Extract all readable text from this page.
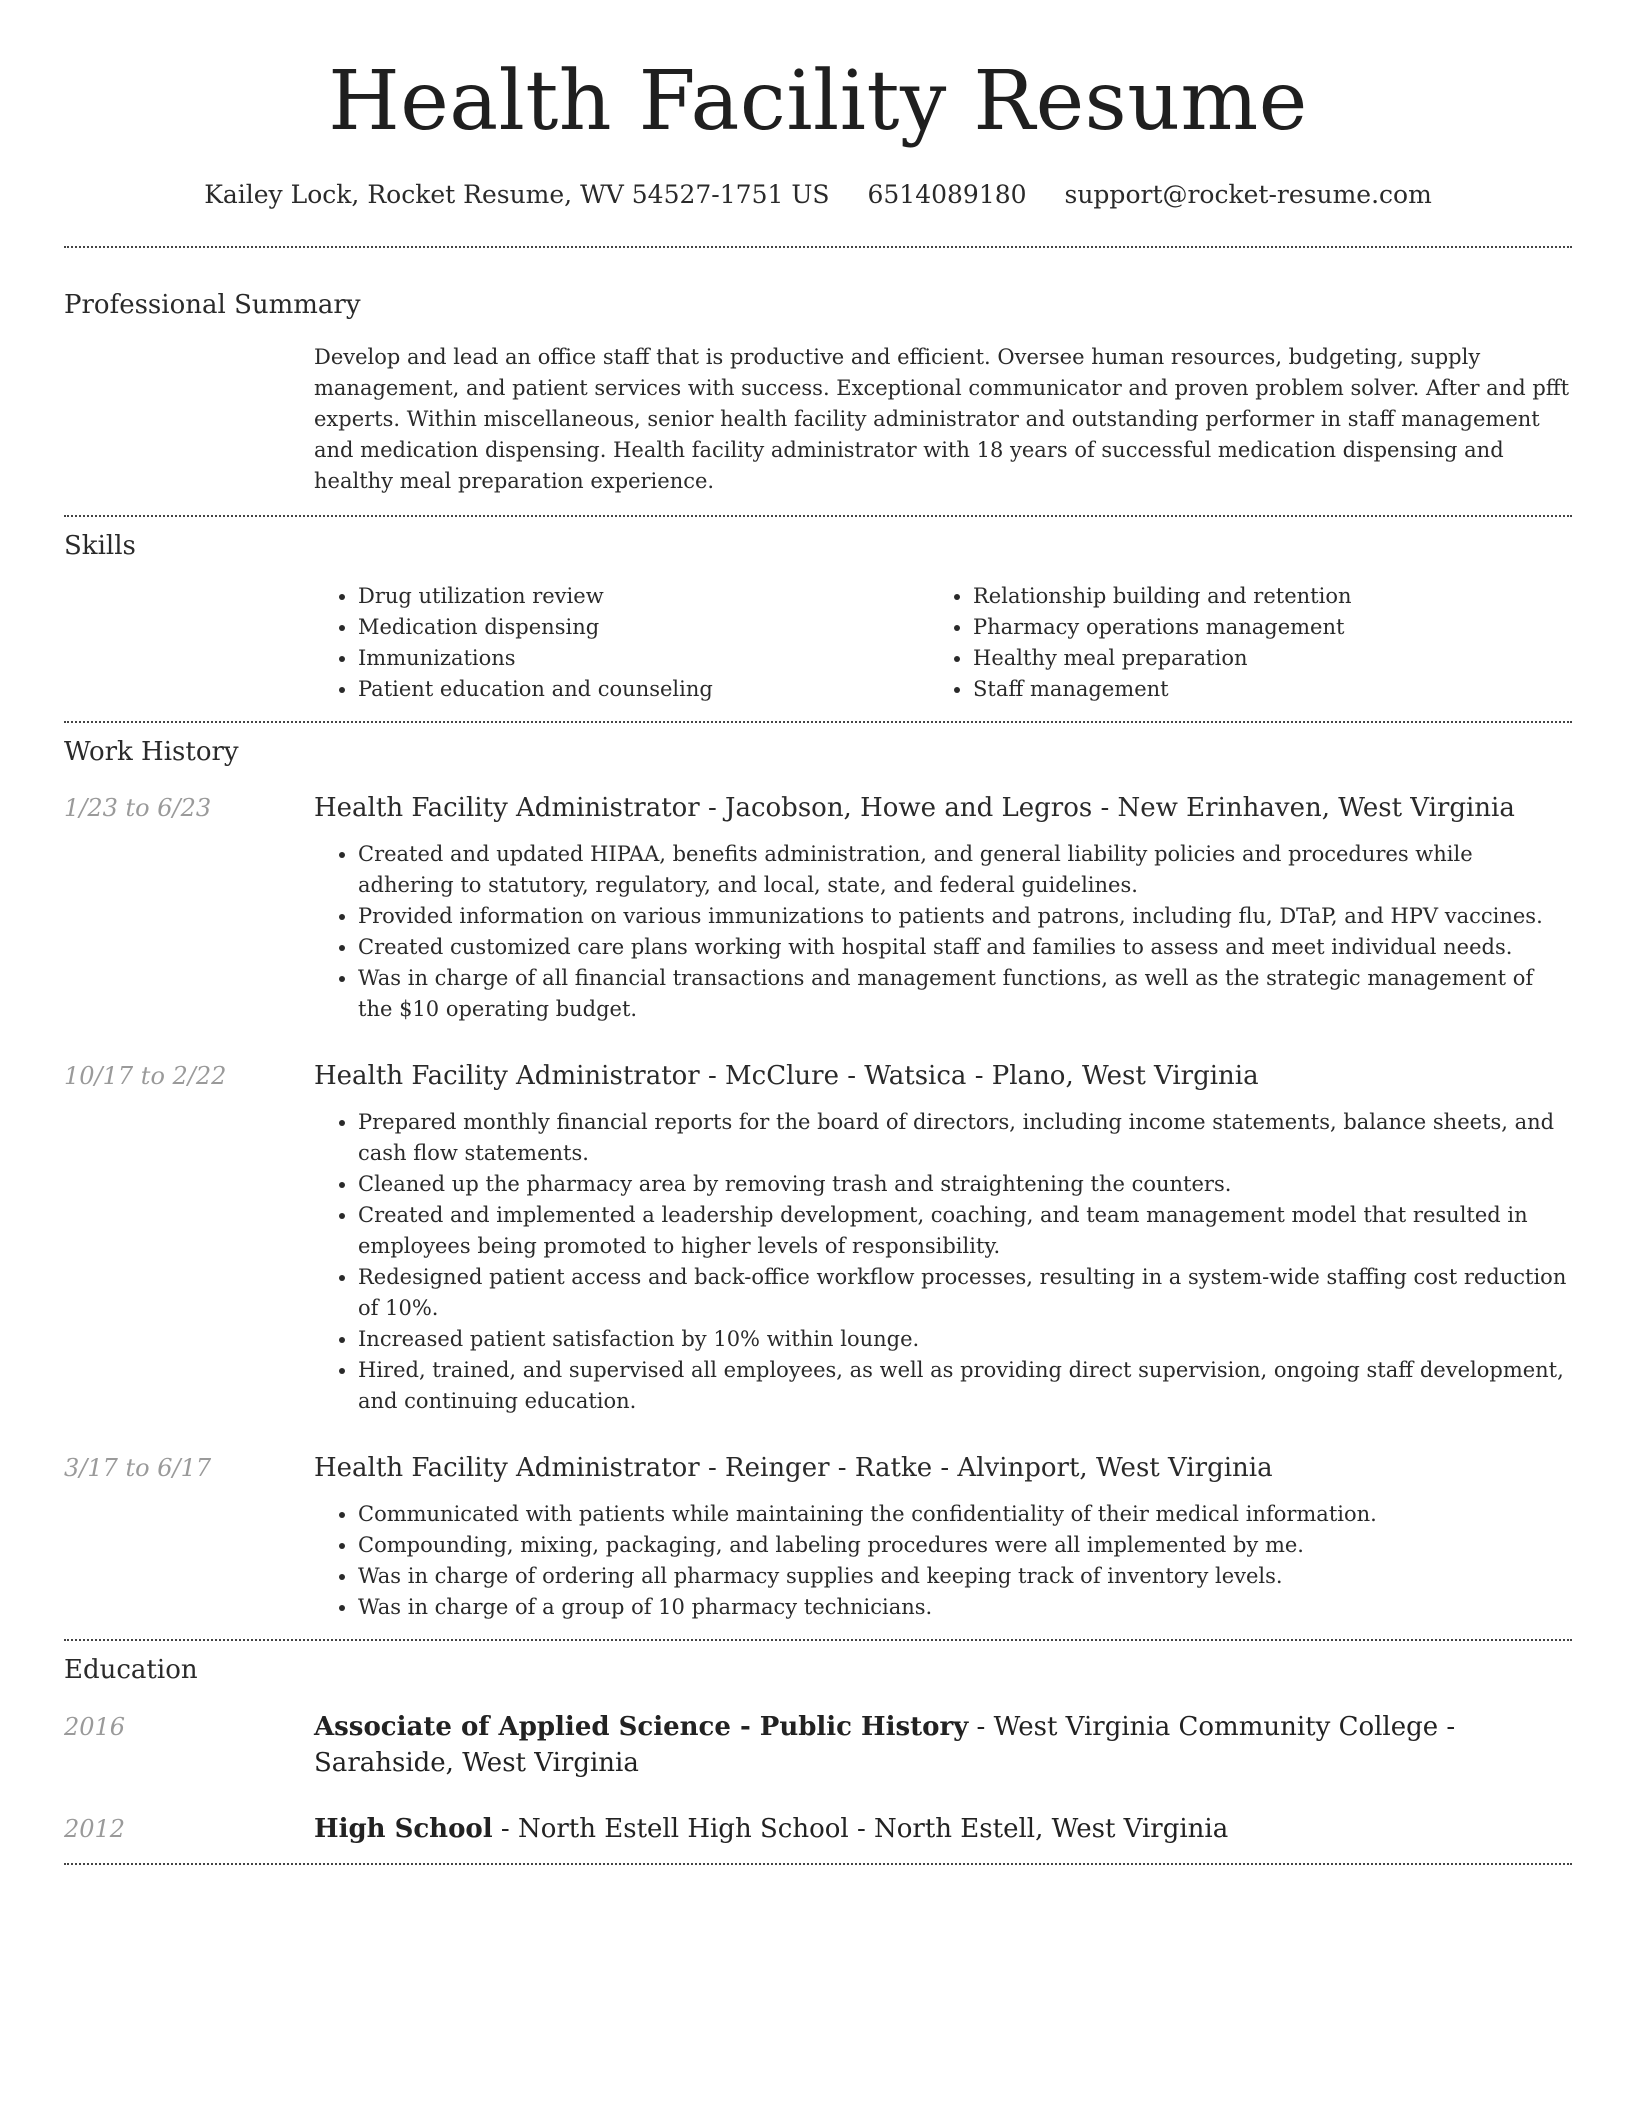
Health Facility Resume
Kailey Lock, Rocket Resume, WV 54527-1751 US 6514089180 support@rocket-resume.com
Professional Summary
Develop and lead an office staff that is productive and efficient. Oversee human resources, budgeting, supply management, and patient services with success. Exceptional communicator and proven problem solver. After and pfft experts. Within miscellaneous, senior health facility administrator and outstanding performer in staff management and medication dispensing. Health facility administrator with 18 years of successful medication dispensing and healthy meal preparation experience.
Skills
• Drug utilization review
• Medication dispensing
• Immunizations
• Patient education and counseling
• Relationship building and retention
• Pharmacy operations management
• Healthy meal preparation
• Staff management
Work History
1/23 to 6/23	Health Facility Administrator - Jacobson, Howe and Legros - New Erinhaven, West Virginia
• Created and updated HIPAA, benefits administration, and general liability policies and procedures while adhering to statutory, regulatory, and local, state, and federal guidelines.
• Provided information on various immunizations to patients and patrons, including flu, DTaP, and HPV vaccines.
• Created customized care plans working with hospital staff and families to assess and meet individual needs.
• Was in charge of all financial transactions and management functions, as well as the strategic management of the $10 operating budget.
10/17 to 2/22	Health Facility Administrator - McClure - Watsica - Plano, West Virginia
• Prepared monthly financial reports for the board of directors, including income statements, balance sheets, and cash flow statements.
• Cleaned up the pharmacy area by removing trash and straightening the counters.
• Created and implemented a leadership development, coaching, and team management model that resulted in employees being promoted to higher levels of responsibility.
• Redesigned patient access and back-office workflow processes, resulting in a system-wide staffing cost reduction of 10%.
• Increased patient satisfaction by 10% within lounge.
• Hired, trained, and supervised all employees, as well as providing direct supervision, ongoing staff development, and continuing education.
3/17 to 6/17	Health Facility Administrator - Reinger - Ratke - Alvinport, West Virginia
• Communicated with patients while maintaining the confidentiality of their medical information.
• Compounding, mixing, packaging, and labeling procedures were all implemented by me.
• Was in charge of ordering all pharmacy supplies and keeping track of inventory levels.
• Was in charge of a group of 10 pharmacy technicians.
Education
2016	Associate of Applied Science - Public History - West Virginia Community College - Sarahside, West Virginia
2012	High School - North Estell High School - North Estell, West Virginia
